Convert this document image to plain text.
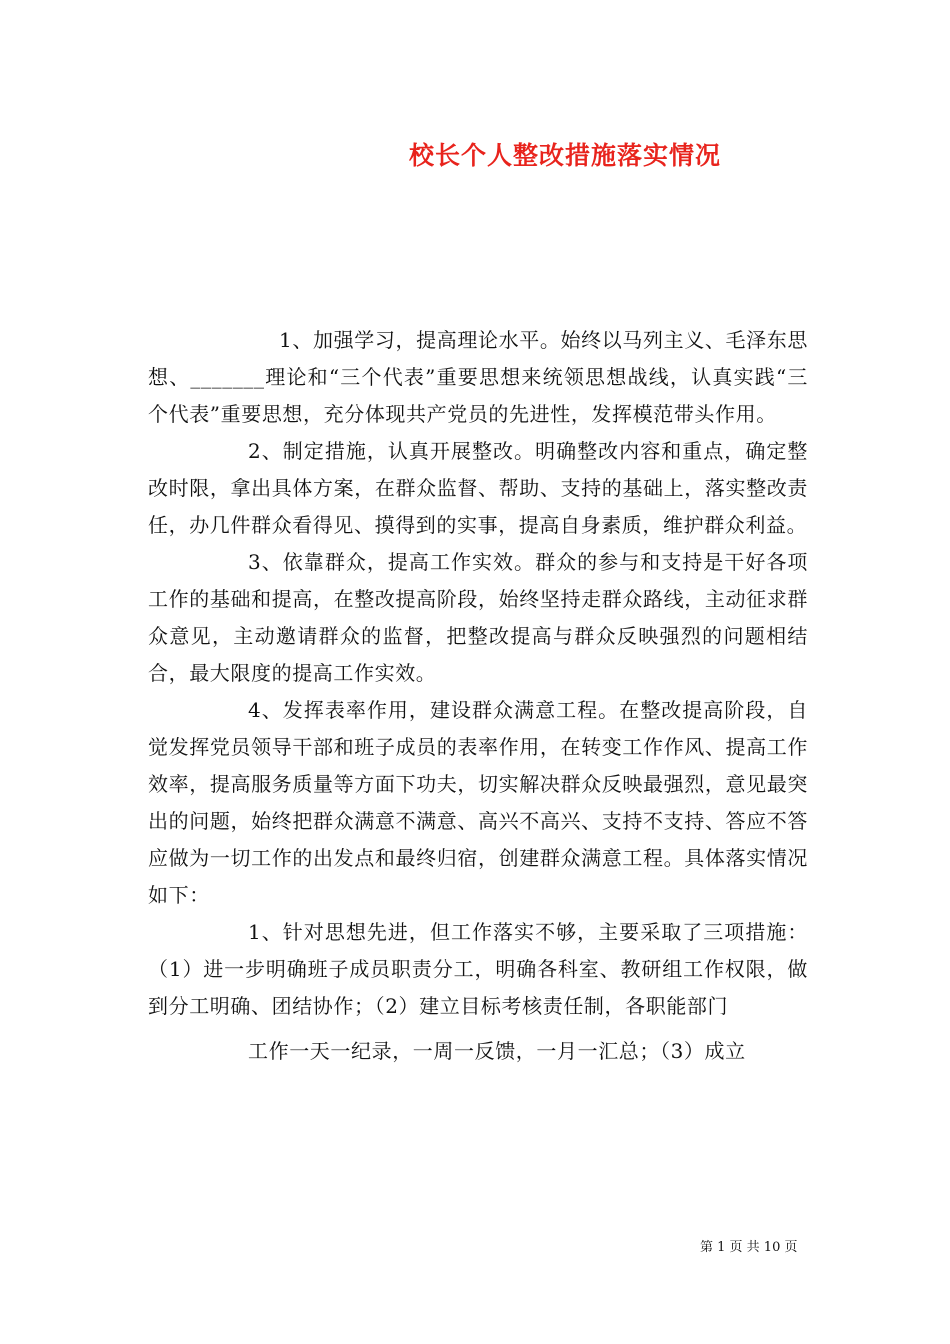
校长个人整改措施落实情况

1、加强学习，提高理论水平。始终以马列主义、毛泽东思想、_______理论和“三个代表”重要思想来统领思想战线，认真实践“三个代表”重要思想，充分体现共产党员的先进性，发挥模范带头作用。

2、制定措施，认真开展整改。明确整改内容和重点，确定整改时限，拿出具体方案，在群众监督、帮助、支持的基础上，落实整改责任，办几件群众看得见、摸得到的实事，提高自身素质，维护群众利益。

3、依靠群众，提高工作实效。群众的参与和支持是干好各项工作的基础和提高，在整改提高阶段，始终坚持走群众路线，主动征求群众意见，主动邀请群众的监督，把整改提高与群众反映强烈的问题相结合，最大限度的提高工作实效。

4、发挥表率作用，建设群众满意工程。在整改提高阶段，自觉发挥党员领导干部和班子成员的表率作用，在转变工作作风、提高工作效率，提高服务质量等方面下功夫，切实解决群众反映最强烈，意见最突出的问题，始终把群众满意不满意、高兴不高兴、支持不支持、答应不答应做为一切工作的出发点和最终归宿，创建群众满意工程。具体落实情况如下：

1、针对思想先进，但工作落实不够，主要采取了三项措施：（1）进一步明确班子成员职责分工，明确各科室、教研组工作权限，做到分工明确、团结协作；（2）建立目标考核责任制，各职能部门

工作一天一纪录，一周一反馈，一月一汇总；（3）成立

第 1 页 共 10 页
